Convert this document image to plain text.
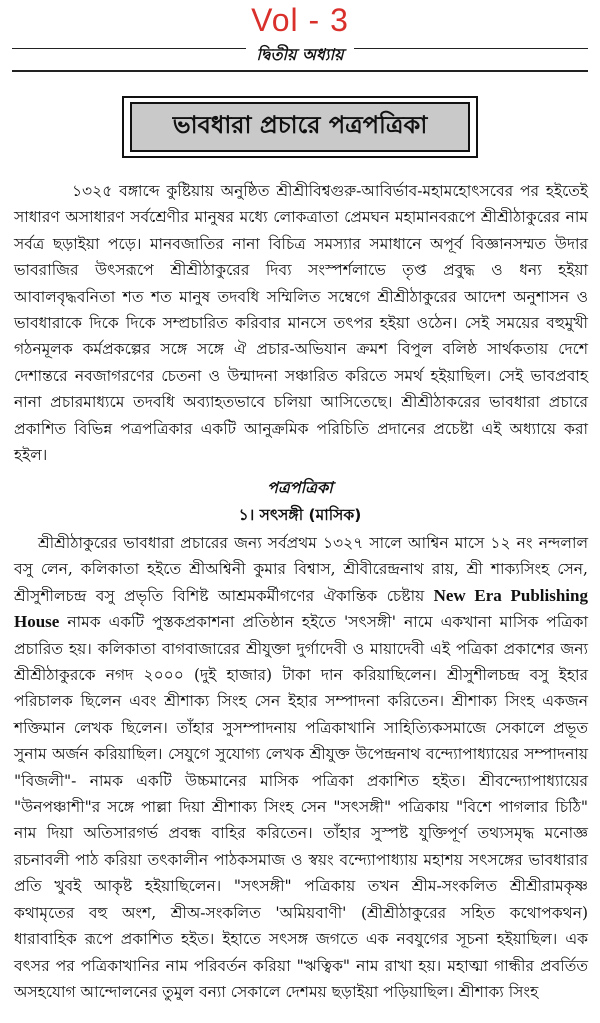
Vol - 3
দ্বিতীয় অধ্যায়
ভাবধারা প্রচারে পত্রপত্রিকা

১৩২৫ বঙ্গাব্দে কুষ্টিয়ায় অনুষ্ঠিত শ্রীশ্রীবিশ্বগুরু-আবির্ভাব-মহামহোৎসবের পর হইতেই সাধারণ অসাধারণ সর্বশ্রেণীর মানুষর মধ্যে লোকত্রাতা প্রেমঘন মহামানবরূপে শ্রীশ্রীঠাকুরের নাম সর্বত্র ছড়াইয়া পড়ে। মানবজাতির নানা বিচিত্র সমস্যার সমাধানে অপূর্ব বিজ্ঞানসম্মত উদার ভাবরাজির উৎসরূপে শ্রীশ্রীঠাকুরের দিব্য সংস্পর্শলাভে তৃপ্ত প্রবুদ্ধ ও ধন্য হইয়া আবালবৃদ্ধবনিতা শত শত মানুষ তদবধি সম্মিলিত সম্বেগে শ্রীশ্রীঠাকুরের আদেশ অনুশাসন ও ভাবধারাকে দিকে দিকে সম্প্রচারিত করিবার মানসে তৎপর হইয়া ওঠেন। সেই সময়ের বহুমুখী গঠনমূলক কর্মপ্রকল্পের সঙ্গে সঙ্গে ঐ প্রচার-অভিযান ক্রমশ বিপুল বলিষ্ঠ সার্থকতায় দেশে দেশান্তরে নবজাগরণের চেতনা ও উন্মাদনা সঞ্চারিত করিতে সমর্থ হইয়াছিল। সেই ভাবপ্রবাহ নানা প্রচারমাধ্যমে তদবধি অব্যাহতভাবে চলিয়া আসিতেছে। শ্রীশ্রীঠাকরের ভাবধারা প্রচারে প্রকাশিত বিভিন্ন পত্রপত্রিকার একটি আনুক্রমিক পরিচিতি প্রদানের প্রচেষ্টা এই অধ্যায়ে করা হইল।

পত্রপত্রিকা
১। সৎসঙ্গী (মাসিক)

শ্রীশ্রীঠাকুরের ভাবধারা প্রচারের জন্য সর্বপ্রথম ১৩২৭ সালে আশ্বিন মাসে ১২ নং নন্দলাল বসু লেন, কলিকাতা হইতে শ্রীঅশ্বিনী কুমার বিশ্বাস, শ্রীবীরেন্দ্রনাথ রায়, শ্রী শাক্যসিংহ সেন, শ্রীসুশীলচন্দ্র বসু প্রভৃতি বিশিষ্ট আশ্রমকর্মীগণের ঐকান্তিক চেষ্টায় New Era Publishing House নামক একটি পুস্তকপ্রকাশনা প্রতিষ্ঠান হইতে 'সৎসঙ্গী' নামে একখানা মাসিক পত্রিকা প্রচারিত হয়। কলিকাতা বাগবাজারের শ্রীযুক্তা দুর্গাদেবী ও মায়াদেবী এই পত্রিকা প্রকাশের জন্য শ্রীশ্রীঠাকুরকে নগদ ২০০০ (দুই হাজার) টাকা দান করিয়াছিলেন। শ্রীসুশীলচন্দ্র বসু ইহার পরিচালক ছিলেন এবং শ্রীশাক্য সিংহ সেন ইহার সম্পাদনা করিতেন। শ্রীশাক্য সিংহ একজন শক্তিমান লেখক ছিলেন। তাঁহার সুসম্পাদনায় পত্রিকাখানি সাহিত্যিকসমাজে সেকালে প্রভূত সুনাম অর্জন করিয়াছিল। সেযুগে সুযোগ্য লেখক শ্রীযুক্ত উপেন্দ্রনাথ বন্দ্যোপাধ্যায়ের সম্পাদনায় "বিজলী"- নামক একটি উচ্চমানের মাসিক পত্রিকা প্রকাশিত হইত। শ্রীবন্দ্যোপাধ্যায়ের "উনপঞ্চাশী"র সঙ্গে পাল্লা দিয়া শ্রীশাক্য সিংহ সেন "সৎসঙ্গী" পত্রিকায় "বিশে পাগলার চিঠি" নাম দিয়া অতিসারগর্ভ প্রবন্ধ বাহির করিতেন। তাঁহার সুস্পষ্ট যুক্তিপূর্ণ তথ্যসমৃদ্ধ মনোজ্ঞ রচনাবলী পাঠ করিয়া তৎকালীন পাঠকসমাজ ও স্বয়ং বন্দ্যোপাধ্যায় মহাশয় সৎসঙ্গের ভাবধারার প্রতি খুবই আকৃষ্ট হইয়াছিলেন। "সৎসঙ্গী" পত্রিকায় তখন শ্রীম-সংকলিত শ্রীশ্রীরামকৃষ্ণ কথামৃতের বহু অংশ, শ্রীঅ-সংকলিত 'অমিয়বাণী' (শ্রীশ্রীঠাকুরের সহিত কথোপকথন) ধারাবাহিক রূপে প্রকাশিত হইত। ইহাতে সৎসঙ্গ জগতে এক নবযুগের সূচনা হইয়াছিল। এক বৎসর পর পত্রিকাখানির নাম পরিবর্তন করিয়া "ঋত্বিক" নাম রাখা হয়। মহাত্মা গান্ধীর প্রবর্তিত অসহযোগ আন্দোলনের তুমুল বন্যা সেকালে দেশময় ছড়াইয়া পড়িয়াছিল। শ্রীশাক্য সিংহ
